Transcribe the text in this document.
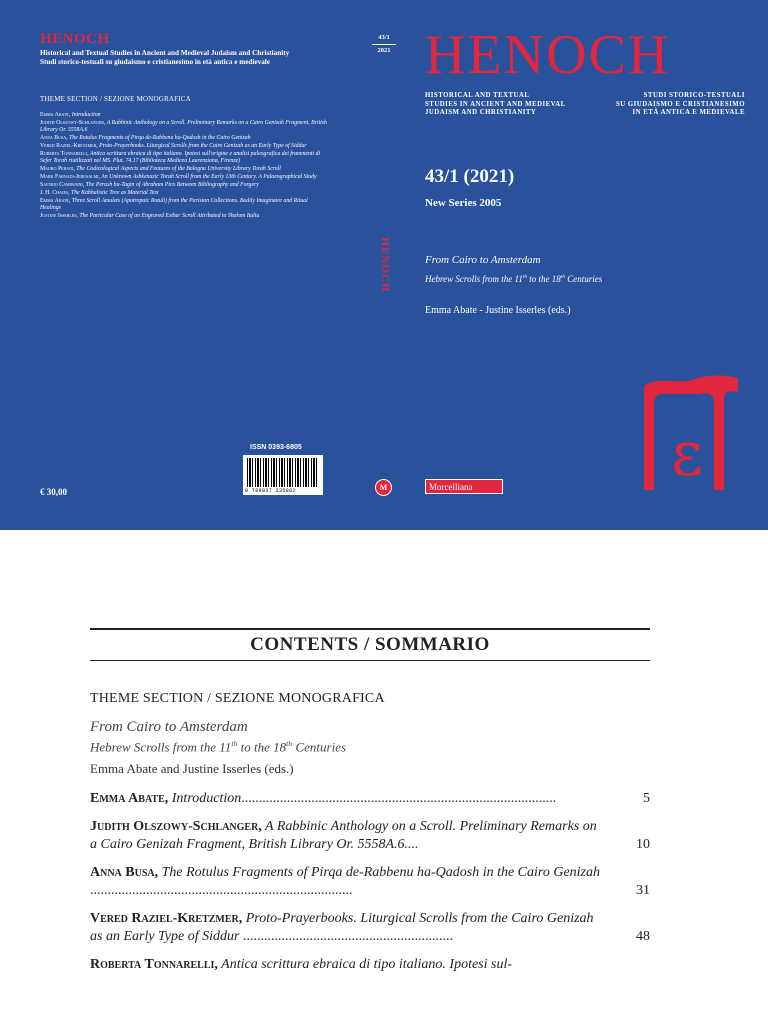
HENOCH
Historical and Textual Studies in Ancient and Medieval Judaism and Christianity
Studi storico-testuali su giudaismo e cristianesimo in età antica e medievale
THEME SECTION / SEZIONE MONOGRAFICA
Emma Abate, Introduction
Judith Olszowy-Schlanger, A Rabbinic Anthology on a Scroll. Preliminary Remarks on a Cairo Genizah Fragment, British Library Or. 5558A.6
Anna Busa, The Rotulus Fragments of Pirqa de-Rabbenu ha-Qadosh in the Cairo Genizah
Vered Raziel-Kretzmer, Proto-Prayerbooks. Liturgical Scrolls from the Cairo Genizah as an Early Type of Siddur
Roberta Tonnarelli, Antica scrittura ebraica di tipo italiano. Ipotesi sull'origine e analisi paleografica dei frammenti di Sefer Torah riutilizzati nel MS. Plut. 74.17 (Biblioteca Medicea Laurenziana, Firenze)
Mauro Perani, The Codicological Aspects and Features of the Bologna University Library Torah Scroll
Mark Farnadi-Jerusalmi, An Unknown Ashkenazic Torah Scroll from the Early 13th Century. A Palaeographical Study
Saverio Campanini, The Perush ha-Tagin of Abraham Pico Between Bibliography and Forgery
J. H. Chajes, The Kabbalistic Tree as Material Text
Emma Abate, Three Scroll Amulets (Apotropaic Rotuli) from the Parisian Collections. Bodily Imaginaire and Ritual Healings
Justine Isserles, The Particular Case of an Engraved Esther Scroll Attributed to Shalom Italia
€ 30,00
43/1
2021
HENOCH
ISSN 0393-6805
9 788837 235802	M
HENOCH
HISTORICAL AND TEXTUAL
STUDIES IN ANCIENT AND MEDIEVAL
JUDAISM AND CHRISTIANITY
STUDI STORICO-TESTUALI
SU GIUDAISMO E CRISTIANESIMO
IN ETÀ ANTICA E MEDIEVALE
43/1 (2021)
New Series 2005
From Cairo to Amsterdam
Hebrew Scrolls from the 11th to the 18th Centuries
Emma Abate - Justine Isserles (eds.)
Morcelliana	ε
CONTENTS / SOMMARIO
THEME SECTION / SEZIONE MONOGRAFICA
From Cairo to Amsterdam
Hebrew Scrolls from the 11th to the 18th Centuries
Emma Abate and Justine Isserles (eds.)
Emma Abate, Introduction..........................................................................................	5
Judith Olszowy-Schlanger, A Rabbinic Anthology on a Scroll. Preliminary Remarks on a Cairo Genizah Fragment, British Library Or. 5558A.6....	10
Anna Busa, The Rotulus Fragments of Pirqa de-Rabbenu ha-Qadosh in the Cairo Genizah ...........................................................................	31
Vered Raziel-Kretzmer, Proto-Prayerbooks. Liturgical Scrolls from the Cairo Genizah as an Early Type of Siddur ............................................................	48
Roberta Tonnarelli, Antica scrittura ebraica di tipo italiano. Ipotesi sul-
